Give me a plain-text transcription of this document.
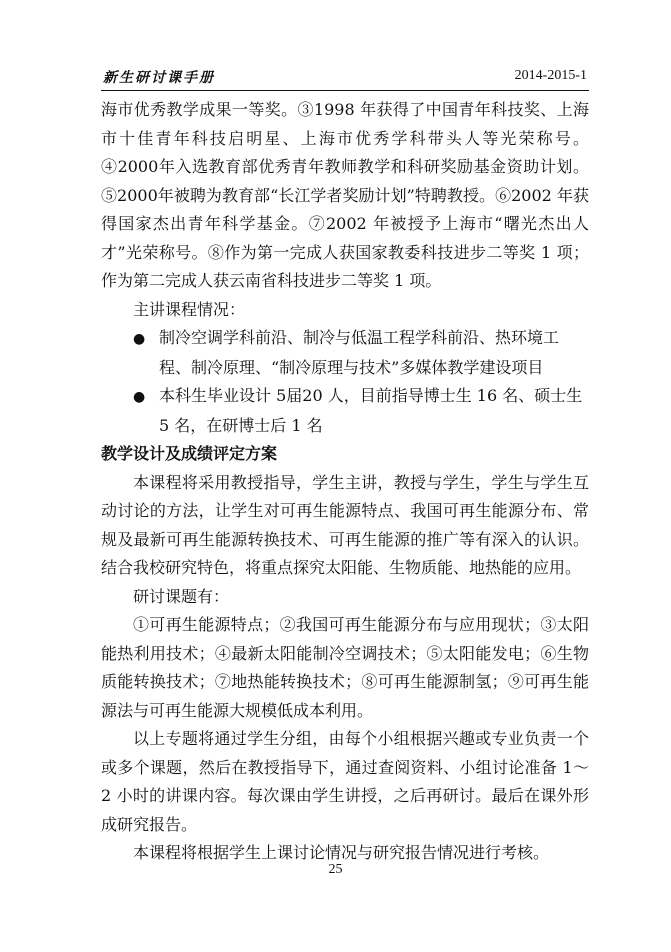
新生研讨课手册	2014-2015-1

海市优秀教学成果一等奖。③1998 年获得了中国青年科技奖、上海市十佳青年科技启明星、上海市优秀学科带头人等光荣称号。④2000年入选教育部优秀青年教师教学和科研奖励基金资助计划。⑤2000年被聘为教育部“长江学者奖励计划”特聘教授。⑥2002 年获得国家杰出青年科学基金。⑦2002 年被授予上海市“曙光杰出人才”光荣称号。⑧作为第一完成人获国家教委科技进步二等奖 1 项；作为第二完成人获云南省科技进步二等奖 1 项。

主讲课程情况：

● 制冷空调学科前沿、制冷与低温工程学科前沿、热环境工程、制冷原理、“制冷原理与技术”多媒体教学建设项目
● 本科生毕业设计 5届20 人，目前指导博士生 16 名、硕士生 5 名，在研博士后 1 名

教学设计及成绩评定方案

本课程将采用教授指导，学生主讲，教授与学生，学生与学生互动讨论的方法，让学生对可再生能源特点、我国可再生能源分布、常规及最新可再生能源转换技术、可再生能源的推广等有深入的认识。结合我校研究特色，将重点探究太阳能、生物质能、地热能的应用。

研讨课题有：

①可再生能源特点；②我国可再生能源分布与应用现状；③太阳能热利用技术；④最新太阳能制冷空调技术；⑤太阳能发电；⑥生物质能转换技术；⑦地热能转换技术；⑧可再生能源制氢；⑨可再生能源法与可再生能源大规模低成本利用。

以上专题将通过学生分组，由每个小组根据兴趣或专业负责一个或多个课题，然后在教授指导下，通过查阅资料、小组讨论准备 1～2 小时的讲课内容。每次课由学生讲授，之后再研讨。最后在课外形成研究报告。

本课程将根据学生上课讨论情况与研究报告情况进行考核。

25
